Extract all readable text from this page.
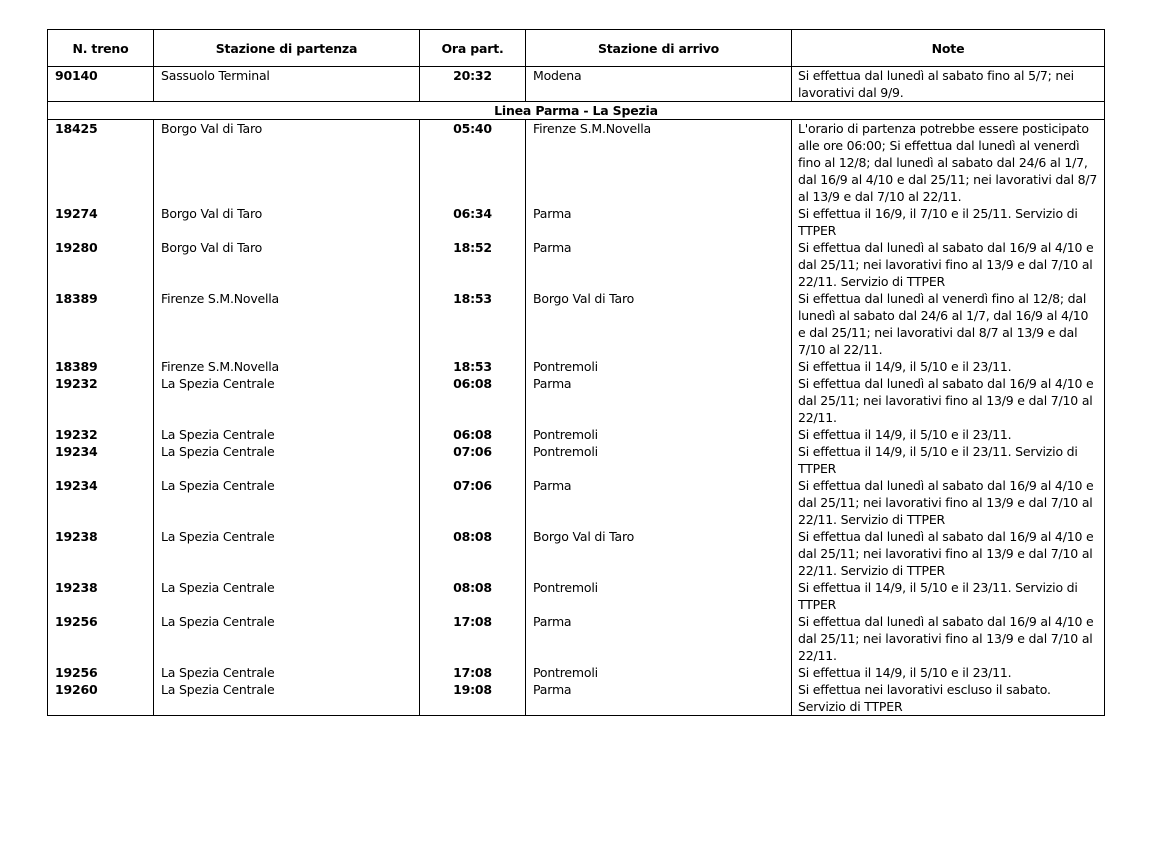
N. treno	Stazione di partenza	Ora part.	Stazione di arrivo	Note
90140	Sassuolo Terminal	20:32	Modena	Si effettua dal lunedì al sabato fino al 5/7; nei lavorativi dal 9/9.
Linea Parma - La Spezia				
18425	Borgo Val di Taro	05:40	Firenze S.M.Novella	L'orario di partenza potrebbe essere posticipato alle ore 06:00; Si effettua dal lunedì al venerdì fino al 12/8; dal lunedì al sabato dal 24/6 al 1/7, dal 16/9 al 4/10 e dal 25/11; nei lavorativi dal 8/7 al 13/9 e dal 7/10 al 22/11.
19274	Borgo Val di Taro	06:34	Parma	Si effettua il 16/9, il 7/10 e il 25/11. Servizio di TTPER
19280	Borgo Val di Taro	18:52	Parma	Si effettua dal lunedì al sabato dal 16/9 al 4/10 e dal 25/11; nei lavorativi fino al 13/9 e dal 7/10 al 22/11. Servizio di TTPER
18389	Firenze S.M.Novella	18:53	Borgo Val di Taro	Si effettua dal lunedì al venerdì fino al 12/8; dal lunedì al sabato dal 24/6 al 1/7, dal 16/9 al 4/10 e dal 25/11; nei lavorativi dal 8/7 al 13/9 e dal 7/10 al 22/11.
18389	Firenze S.M.Novella	18:53	Pontremoli	Si effettua il 14/9, il 5/10 e il 23/11.
19232	La Spezia Centrale	06:08	Parma	Si effettua dal lunedì al sabato dal 16/9 al 4/10 e dal 25/11; nei lavorativi fino al 13/9 e dal 7/10 al 22/11.
19232	La Spezia Centrale	06:08	Pontremoli	Si effettua il 14/9, il 5/10 e il 23/11.
19234	La Spezia Centrale	07:06	Pontremoli	Si effettua il 14/9, il 5/10 e il 23/11. Servizio di TTPER
19234	La Spezia Centrale	07:06	Parma	Si effettua dal lunedì al sabato dal 16/9 al 4/10 e dal 25/11; nei lavorativi fino al 13/9 e dal 7/10 al 22/11. Servizio di TTPER
19238	La Spezia Centrale	08:08	Borgo Val di Taro	Si effettua dal lunedì al sabato dal 16/9 al 4/10 e dal 25/11; nei lavorativi fino al 13/9 e dal 7/10 al 22/11. Servizio di TTPER
19238	La Spezia Centrale	08:08	Pontremoli	Si effettua il 14/9, il 5/10 e il 23/11. Servizio di TTPER
19256	La Spezia Centrale	17:08	Parma	Si effettua dal lunedì al sabato dal 16/9 al 4/10 e dal 25/11; nei lavorativi fino al 13/9 e dal 7/10 al 22/11.
19256	La Spezia Centrale	17:08	Pontremoli	Si effettua il 14/9, il 5/10 e il 23/11.
19260	La Spezia Centrale	19:08	Parma	Si effettua nei lavorativi escluso il sabato. Servizio di TTPER
